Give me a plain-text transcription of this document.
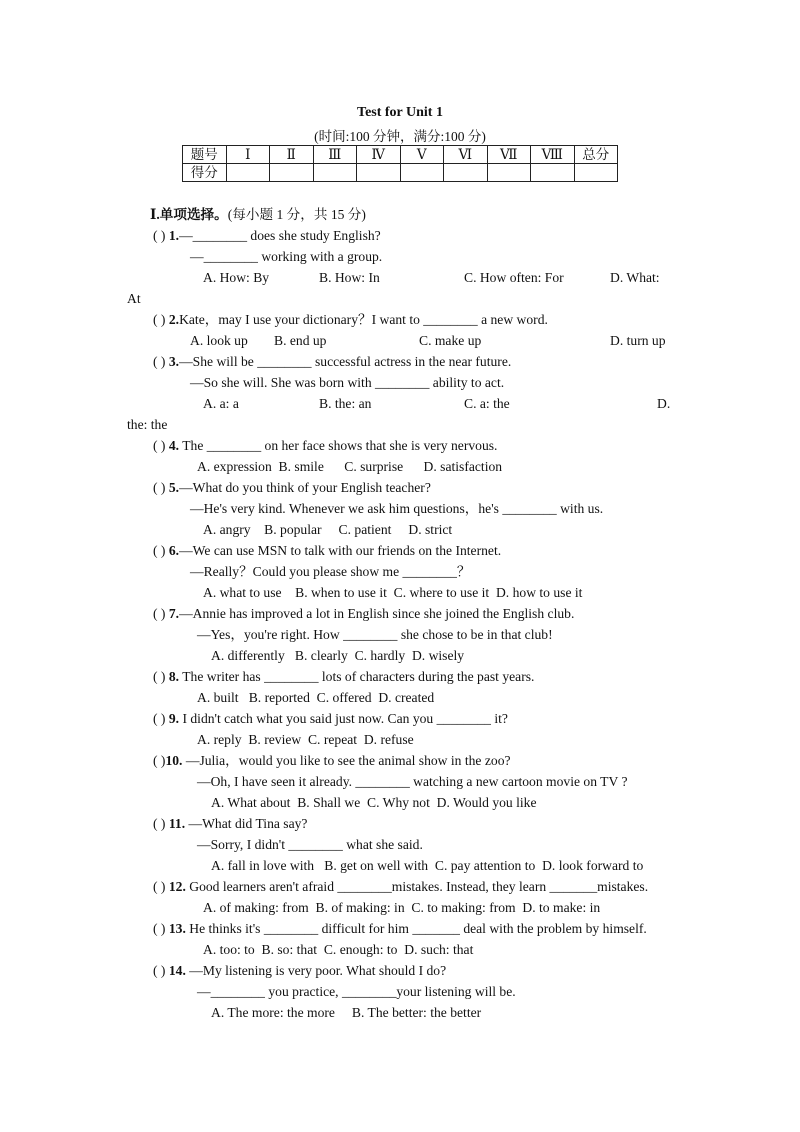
Test for Unit 1
(时间:100 分钟，满分:100 分)
题号	Ⅰ	Ⅱ	Ⅲ	Ⅳ	Ⅴ	Ⅵ	Ⅶ	Ⅷ	总分
得分									
Ⅰ.单项选择。(每小题 1 分，共 15 分)
( ) 1.—________ does she study English?
—________ working with a group.
A. How: By	B. How: In	C. How often: For	D. What:
At
( ) 2.Kate，may I use your dictionary？I want to ________ a new word.
A. look up B. end up	C. make up	D. turn up
( ) 3.—She will be ________ successful actress in the near future.
—So she will. She was born with ________ ability to act.
A. a: a	B. the: an	C. a: the	D.
the: the
( ) 4. The ________ on her face shows that she is very nervous.
A. expression  B. smile      C. surprise      D. satisfaction
( ) 5.—What do you think of your English teacher?
—He's very kind. Whenever we ask him questions，he's ________ with us.
A. angry    B. popular     C. patient     D. strict
( ) 6.—We can use MSN to talk with our friends on the Internet.
—Really？Could you please show me ________？
A. what to use    B. when to use it  C. where to use it  D. how to use it
( ) 7.—Annie has improved a lot in English since she joined the English club.
—Yes，you're right. How ________ she chose to be in that club!
A. differently   B. clearly  C. hardly  D. wisely
( ) 8. The writer has ________ lots of characters during the past years.
A. built   B. reported  C. offered  D. created
( ) 9. I didn't catch what you said just now. Can you ________ it?
A. reply  B. review  C. repeat  D. refuse
( )10. —Julia，would you like to see the animal show in the zoo?
—Oh, I have seen it already. ________ watching a new cartoon movie on TV ?
A. What about  B. Shall we  C. Why not  D. Would you like
( ) 11. —What did Tina say?
—Sorry, I didn't ________ what she said.
A. fall in love with   B. get on well with  C. pay attention to  D. look forward to
( ) 12. Good learners aren't afraid ________mistakes. Instead, they learn _______mistakes.
A. of making: from  B. of making: in  C. to making: from  D. to make: in
( ) 13. He thinks it's ________ difficult for him _______ deal with the problem by himself.
A. too: to  B. so: that  C. enough: to  D. such: that
( ) 14. —My listening is very poor. What should I do?
—________ you practice, ________your listening will be.
A. The more: the more     B. The better: the better
